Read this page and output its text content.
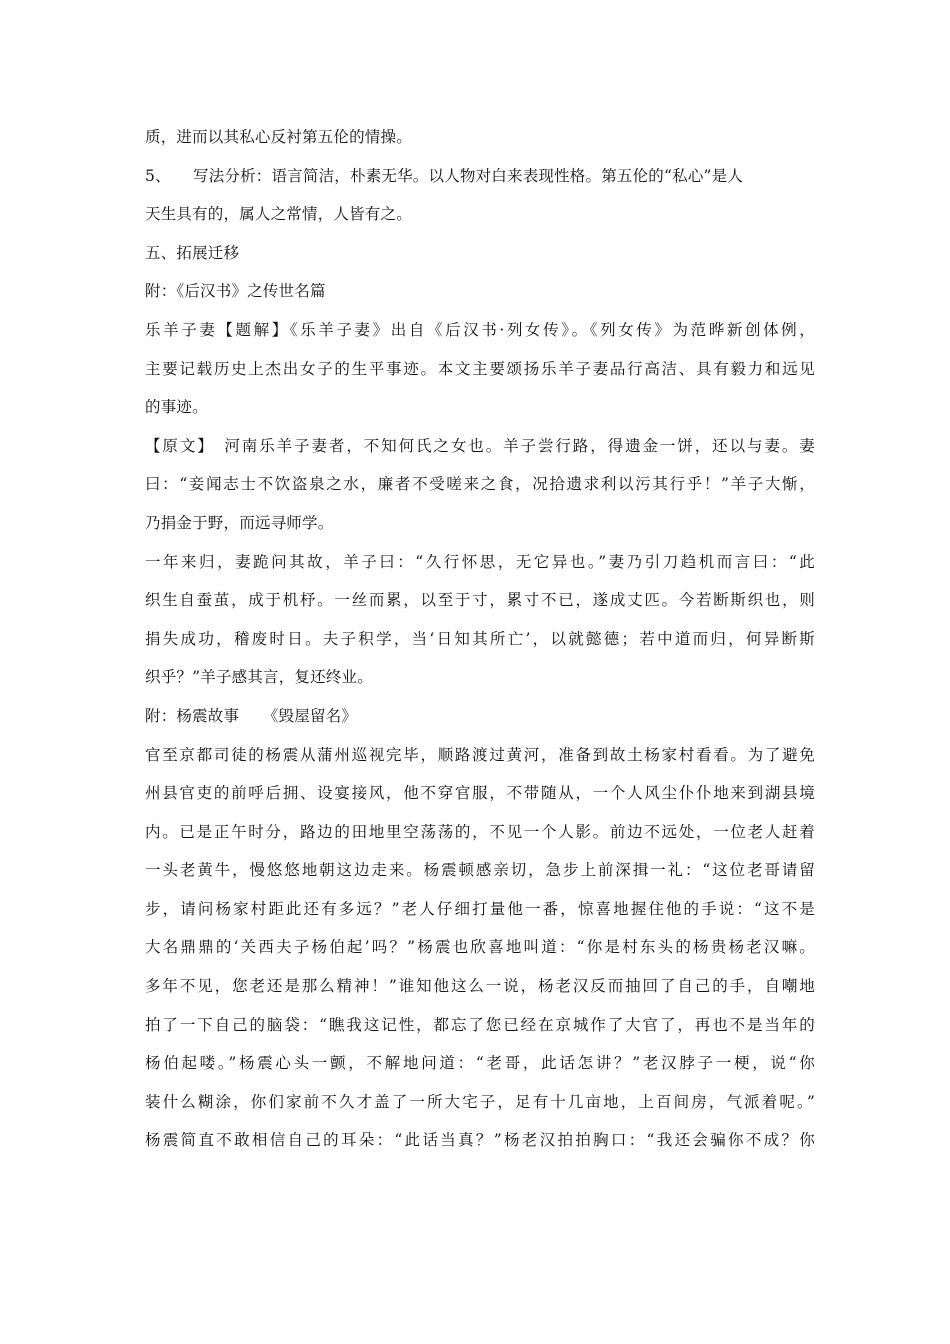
质，进而以其私心反衬第五伦的情操。
5、 写法分析：语言简洁，朴素无华。以人物对白来表现性格。第五伦的“私心”是人
天生具有的，属人之常情，人皆有之。
五、拓展迁移
附：《后汉书》之传世名篇
乐羊子妻【题解】《乐羊子妻》出自《后汉书·列女传》。《列女传》为范晔新创体例，
主要记载历史上杰出女子的生平事迹。本文主要颂扬乐羊子妻品行高洁、具有毅力和远见
的事迹。
【原文】　河南乐羊子妻者，不知何氏之女也。羊子尝行路，得遗金一饼，还以与妻。妻
曰：“妾闻志士不饮盗泉之水，廉者不受嗟来之食，况拾遗求利以污其行乎！”羊子大惭，
乃捐金于野，而远寻师学。
一年来归，妻跪问其故，羊子曰：“久行怀思，无它异也。”妻乃引刀趋机而言曰：“此
织生自蚕茧，成于机杼。一丝而累，以至于寸，累寸不已，遂成丈匹。今若断斯织也，则
捐失成功，稽废时日。夫子积学，当‘日知其所亡’，以就懿德；若中道而归，何异断斯
织乎？”羊子感其言，复还终业。
附：杨震故事　　《毁屋留名》
官至京都司徒的杨震从蒲州巡视完毕，顺路渡过黄河，准备到故土杨家村看看。为了避免
州县官吏的前呼后拥、设宴接风，他不穿官服，不带随从，一个人风尘仆仆地来到湖县境
内。已是正午时分，路边的田地里空荡荡的，不见一个人影。前边不远处，一位老人赶着
一头老黄牛，慢悠悠地朝这边走来。杨震顿感亲切，急步上前深揖一礼：“这位老哥请留
步，请问杨家村距此还有多远？”老人仔细打量他一番，惊喜地握住他的手说：“这不是
大名鼎鼎的‘关西夫子杨伯起’吗？”杨震也欣喜地叫道：“你是村东头的杨贵杨老汉嘛。
多年不见，您老还是那么精神！”谁知他这么一说，杨老汉反而抽回了自己的手，自嘲地
拍了一下自己的脑袋：“瞧我这记性，都忘了您已经在京城作了大官了，再也不是当年的
杨伯起喽。”杨震心头一颤，不解地问道：“老哥，此话怎讲？”老汉脖子一梗，说“你
装什么糊涂，你们家前不久才盖了一所大宅子，足有十几亩地，上百间房，气派着呢。”
杨震简直不敢相信自己的耳朵：“此话当真？”杨老汉拍拍胸口：“我还会骗你不成？你
